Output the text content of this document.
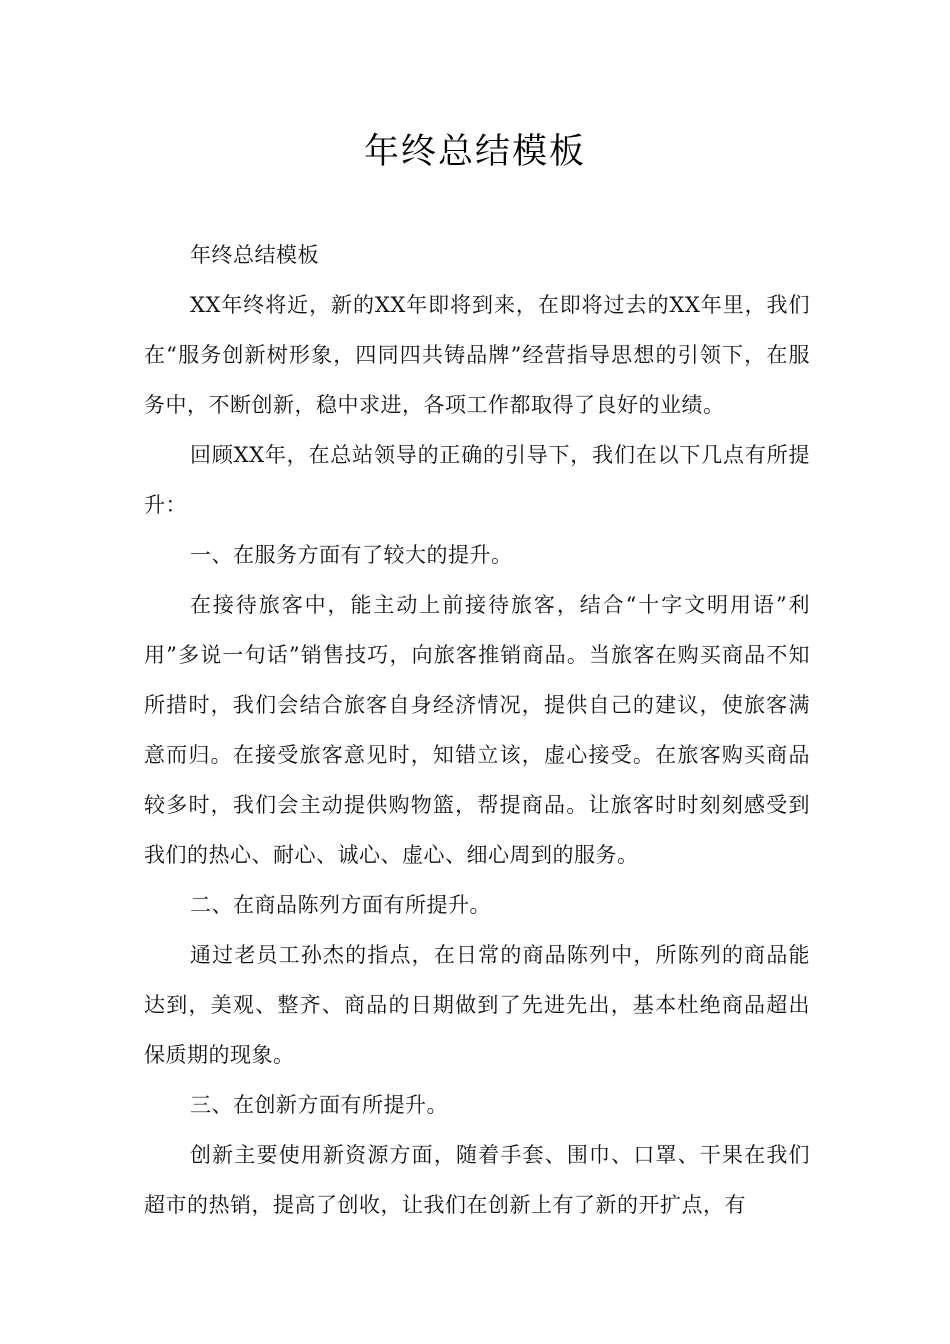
年终总结模板

年终总结模板

XX年终将近，新的XX年即将到来，在即将过去的XX年里，我们在“服务创新树形象，四同四共铸品牌”经营指导思想的引领下，在服务中，不断创新，稳中求进，各项工作都取得了良好的业绩。

回顾XX年，在总站领导的正确的引导下，我们在以下几点有所提升：

一、在服务方面有了较大的提升。

在接待旅客中，能主动上前接待旅客，结合“十字文明用语”利用”多说一句话”销售技巧，向旅客推销商品。当旅客在购买商品不知所措时，我们会结合旅客自身经济情况，提供自己的建议，使旅客满意而归。在接受旅客意见时，知错立该，虚心接受。在旅客购买商品较多时，我们会主动提供购物篮，帮提商品。让旅客时时刻刻感受到我们的热心、耐心、诚心、虚心、细心周到的服务。

二、在商品陈列方面有所提升。

通过老员工孙杰的指点，在日常的商品陈列中，所陈列的商品能达到，美观、整齐、商品的日期做到了先进先出，基本杜绝商品超出保质期的现象。

三、在创新方面有所提升。

创新主要使用新资源方面，随着手套、围巾、口罩、干果在我们超市的热销，提高了创收，让我们在创新上有了新的开扩点，有
